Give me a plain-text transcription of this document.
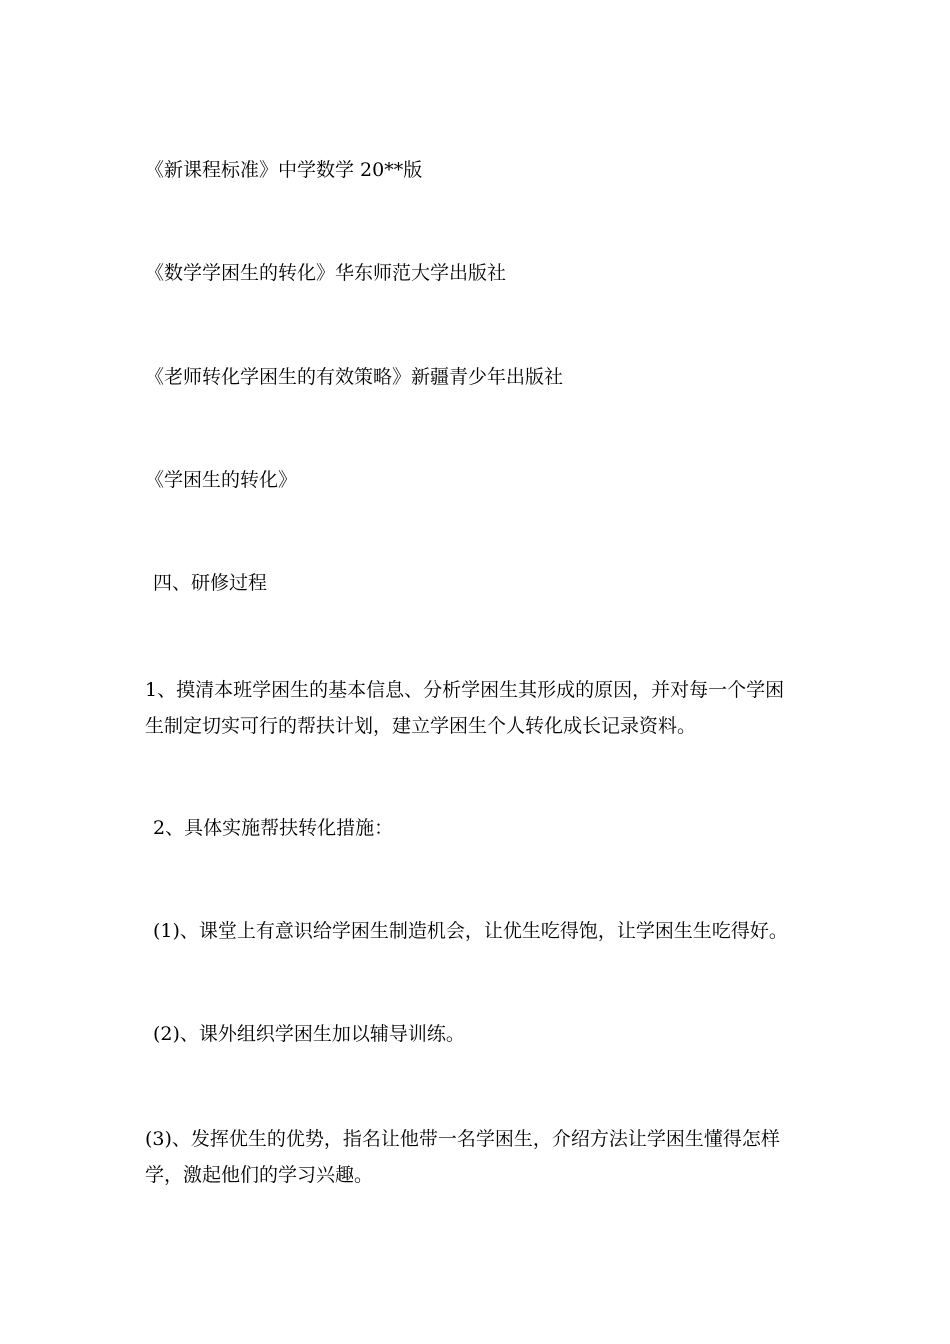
《新课程标准》中学数学 20**版
《数学学困生的转化》华东师范大学出版社
《老师转化学困生的有效策略》新疆青少年出版社
《学困生的转化》
四、研修过程
1、摸清本班学困生的基本信息、分析学困生其形成的原因，并对每一个学困
生制定切实可行的帮扶计划，建立学困生个人转化成长记录资料。
2、具体实施帮扶转化措施：
(1)、课堂上有意识给学困生制造机会，让优生吃得饱，让学困生生吃得好。
(2)、课外组织学困生加以辅导训练。
(3)、发挥优生的优势，指名让他带一名学困生，介绍方法让学困生懂得怎样
学，激起他们的学习兴趣。
